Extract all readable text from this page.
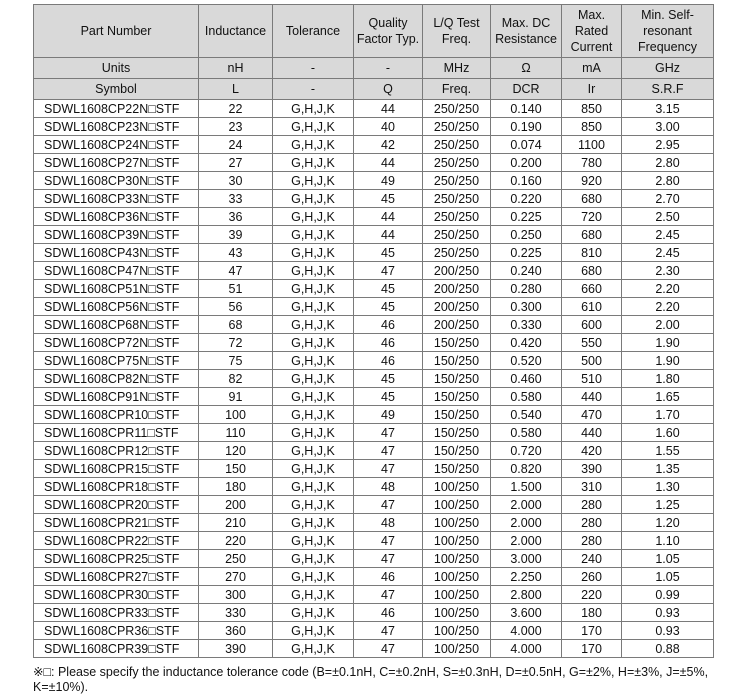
Part Number	Inductance	Tolerance	Quality Factor Typ.	L/Q Test Freq.	Max. DC Resistance	Max. Rated Current	Min. Self-resonant Frequency
Units	nH	-	-	MHz	Ω	mA	GHz
Symbol	L	-	Q	Freq.	DCR	Ir	S.R.F
SDWL1608CP22N□STF	22	G,H,J,K	44	250/250	0.140	850	3.15
SDWL1608CP23N□STF	23	G,H,J,K	40	250/250	0.190	850	3.00
SDWL1608CP24N□STF	24	G,H,J,K	42	250/250	0.074	1100	2.95
SDWL1608CP27N□STF	27	G,H,J,K	44	250/250	0.200	780	2.80
SDWL1608CP30N□STF	30	G,H,J,K	49	250/250	0.160	920	2.80
SDWL1608CP33N□STF	33	G,H,J,K	45	250/250	0.220	680	2.70
SDWL1608CP36N□STF	36	G,H,J,K	44	250/250	0.225	720	2.50
SDWL1608CP39N□STF	39	G,H,J,K	44	250/250	0.250	680	2.45
SDWL1608CP43N□STF	43	G,H,J,K	45	250/250	0.225	810	2.45
SDWL1608CP47N□STF	47	G,H,J,K	47	200/250	0.240	680	2.30
SDWL1608CP51N□STF	51	G,H,J,K	45	200/250	0.280	660	2.20
SDWL1608CP56N□STF	56	G,H,J,K	45	200/250	0.300	610	2.20
SDWL1608CP68N□STF	68	G,H,J,K	46	200/250	0.330	600	2.00
SDWL1608CP72N□STF	72	G,H,J,K	46	150/250	0.420	550	1.90
SDWL1608CP75N□STF	75	G,H,J,K	46	150/250	0.520	500	1.90
SDWL1608CP82N□STF	82	G,H,J,K	45	150/250	0.460	510	1.80
SDWL1608CP91N□STF	91	G,H,J,K	45	150/250	0.580	440	1.65
SDWL1608CPR10□STF	100	G,H,J,K	49	150/250	0.540	470	1.70
SDWL1608CPR11□STF	110	G,H,J,K	47	150/250	0.580	440	1.60
SDWL1608CPR12□STF	120	G,H,J,K	47	150/250	0.720	420	1.55
SDWL1608CPR15□STF	150	G,H,J,K	47	150/250	0.820	390	1.35
SDWL1608CPR18□STF	180	G,H,J,K	48	100/250	1.500	310	1.30
SDWL1608CPR20□STF	200	G,H,J,K	47	100/250	2.000	280	1.25
SDWL1608CPR21□STF	210	G,H,J,K	48	100/250	2.000	280	1.20
SDWL1608CPR22□STF	220	G,H,J,K	47	100/250	2.000	280	1.10
SDWL1608CPR25□STF	250	G,H,J,K	47	100/250	3.000	240	1.05
SDWL1608CPR27□STF	270	G,H,J,K	46	100/250	2.250	260	1.05
SDWL1608CPR30□STF	300	G,H,J,K	47	100/250	2.800	220	0.99
SDWL1608CPR33□STF	330	G,H,J,K	46	100/250	3.600	180	0.93
SDWL1608CPR36□STF	360	G,H,J,K	47	100/250	4.000	170	0.93
SDWL1608CPR39□STF	390	G,H,J,K	47	100/250	4.000	170	0.88
※□: Please specify the inductance tolerance code (B=±0.1nH, C=±0.2nH, S=±0.3nH, D=±0.5nH, G=±2%, H=±3%, J=±5%, K=±10%).
